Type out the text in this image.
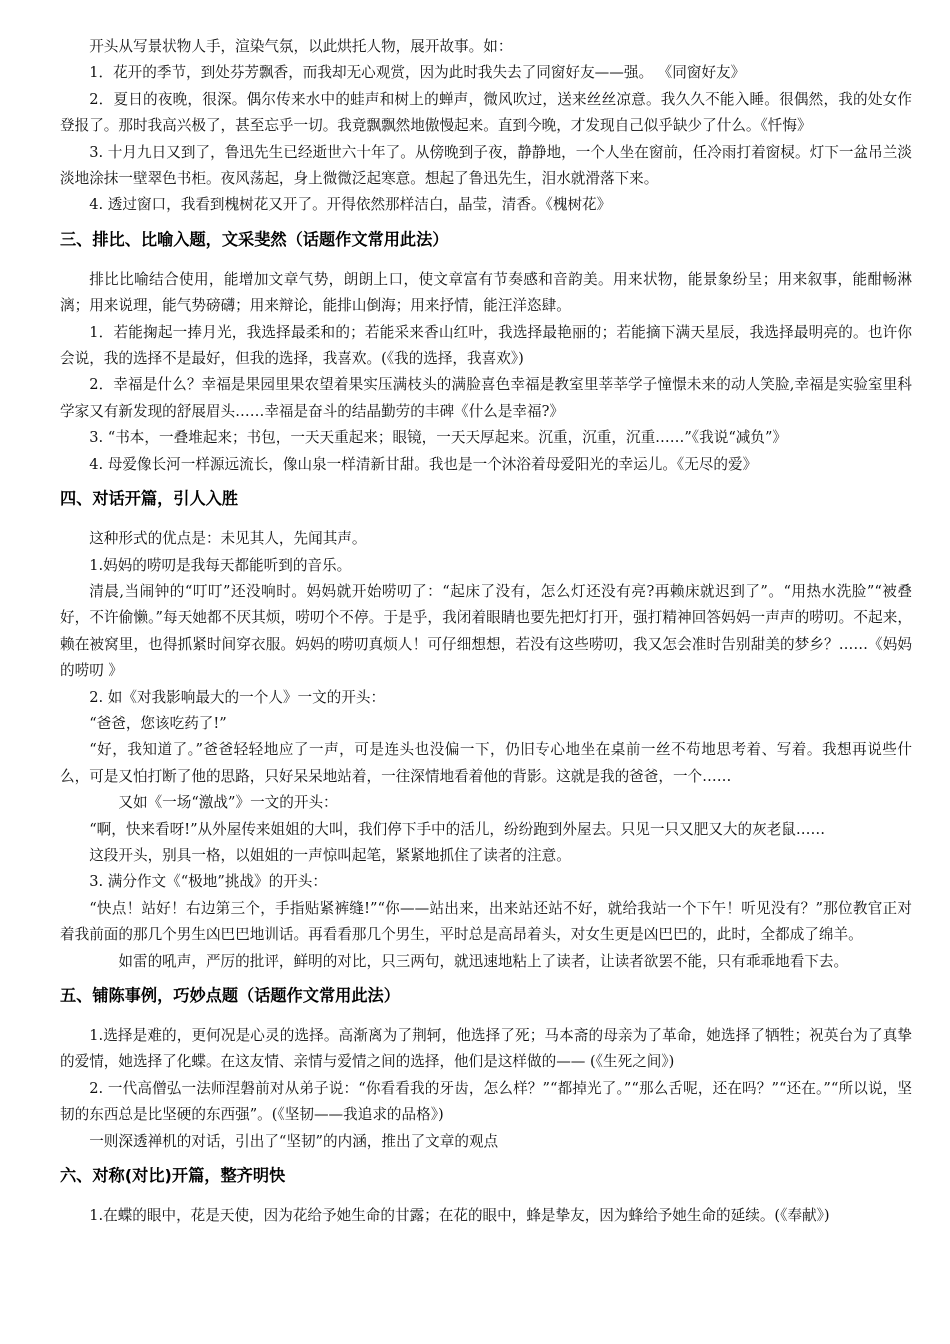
开头从写景状物人手，渲染气氛，以此烘托人物，展开故事。如：

1．花开的季节，到处芬芳飘香，而我却无心观赏，因为此时我失去了同窗好友——强。 《同窗好友》

2．夏日的夜晚，很深。偶尔传来水中的蛙声和树上的蝉声，微风吹过，送来丝丝凉意。我久久不能入睡。很偶然，我的处女作登报了。那时我高兴极了，甚至忘乎一切。我竟飘飘然地傲慢起来。直到今晚，才发现自己似乎缺少了什么。《忏悔》

3. 十月九日又到了，鲁迅先生已经逝世六十年了。从傍晚到子夜，静静地，一个人坐在窗前，任冷雨打着窗棂。灯下一盆吊兰淡淡地涂抹一壁翠色书柜。夜风荡起，身上微微泛起寒意。想起了鲁迅先生，泪水就滑落下来。

4. 透过窗口，我看到槐树花又开了。开得依然那样洁白，晶莹，清香。《槐树花》

三、排比、比喻入题，文采斐然（话题作文常用此法）

排比比喻结合使用，能增加文章气势，朗朗上口，使文章富有节奏感和音韵美。用来状物，能景象纷呈；用来叙事，能酣畅淋漓；用来说理，能气势磅礴；用来辩论，能排山倒海；用来抒情，能汪洋恣肆。

1．若能掬起一捧月光，我选择最柔和的；若能采来香山红叶，我选择最艳丽的；若能摘下满天星辰，我选择最明亮的。也许你会说，我的选择不是最好，但我的选择，我喜欢。(《我的选择，我喜欢》)

2．幸福是什么？幸福是果园里果农望着果实压满枝头的满脸喜色幸福是教室里莘莘学子憧憬未来的动人笑脸,幸福是实验室里科学家又有新发现的舒展眉头……幸福是奋斗的结晶勤劳的丰碑《什么是幸福?》

3. “书本，一叠堆起来；书包，一天天重起来；眼镜，一天天厚起来。沉重，沉重，沉重……”《我说“减负”》

4. 母爱像长河一样源远流长，像山泉一样清新甘甜。我也是一个沐浴着母爱阳光的幸运儿。《无尽的爱》

四、对话开篇，引人入胜

这种形式的优点是：未见其人，先闻其声。

1.妈妈的唠叨是我每天都能听到的音乐。

清晨,当闹钟的“叮叮”还没响时。妈妈就开始唠叨了：“起床了没有，怎么灯还没有亮?再赖床就迟到了”。“用热水洗脸”“被叠好，不许偷懒。”每天她都不厌其烦，唠叨个不停。于是乎，我闭着眼睛也要先把灯打开，强打精神回答妈妈一声声的唠叨。不起来，赖在被窝里，也得抓紧时间穿衣服。妈妈的唠叨真烦人！可仔细想想，若没有这些唠叨，我又怎会准时告别甜美的梦乡？……《妈妈的唠叨 》

2. 如《对我影响最大的一个人》一文的开头：

“爸爸，您该吃药了!”

“好，我知道了。”爸爸轻轻地应了一声，可是连头也没偏一下，仍旧专心地坐在桌前一丝不苟地思考着、写着。我想再说些什么，可是又怕打断了他的思路，只好呆呆地站着，一往深情地看着他的背影。这就是我的爸爸，一个……

又如《一场“激战”》一文的开头：

“啊，快来看呀!”从外屋传来姐姐的大叫，我们停下手中的活儿，纷纷跑到外屋去。只见一只又肥又大的灰老鼠……

这段开头，别具一格，以姐姐的一声惊叫起笔，紧紧地抓住了读者的注意。

3. 满分作文《“极地”挑战》的开头：

“快点！站好！右边第三个，手指贴紧裤缝!”“你——站出来，出来站还站不好，就给我站一个下午！听见没有？”那位教官正对着我前面的那几个男生凶巴巴地训话。再看看那几个男生，平时总是高昂着头，对女生更是凶巴巴的，此时，全都成了绵羊。

如雷的吼声，严厉的批评，鲜明的对比，只三两句，就迅速地粘上了读者，让读者欲罢不能，只有乖乖地看下去。

五、铺陈事例，巧妙点题（话题作文常用此法）

1.选择是难的，更何况是心灵的选择。高渐离为了荆轲，他选择了死；马本斋的母亲为了革命，她选择了牺牲；祝英台为了真挚的爱情，她选择了化蝶。在这友情、亲情与爱情之间的选择，他们是这样做的—— (《生死之间》)

2. 一代高僧弘一法师涅磐前对从弟子说：“你看看我的牙齿，怎么样？”“都掉光了。”“那么舌呢，还在吗？”“还在。”“所以说，坚韧的东西总是比坚硬的东西强”。(《坚韧——我追求的品格》)

一则深透禅机的对话，引出了“坚韧”的内涵，推出了文章的观点

六、对称(对比)开篇，整齐明快

1.在蝶的眼中，花是天使，因为花给予她生命的甘露；在花的眼中，蜂是挚友，因为蜂给予她生命的延续。(《奉献》)
